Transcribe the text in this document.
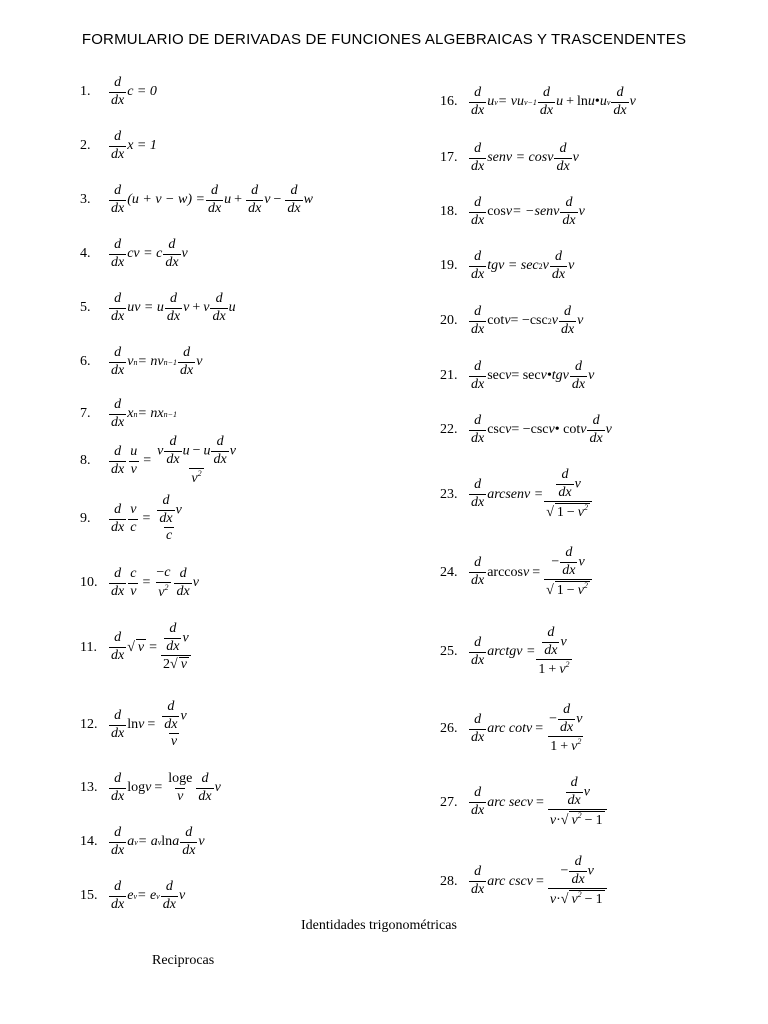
FORMULARIO DE DERIVADAS DE FUNCIONES ALGEBRAICAS Y TRASCENDENTES
1.
d
dx
c = 0
2.
d
dx
x = 1
3.
d
dx
$(u + v - w) = \frac{d}{dx}$ $u + \frac{d}{dx}$ $v - \frac{d}{dx}$ w
4.
d
dx
cv = c
d
dx
v
5.
d
dx
uv = u
d
dx
v + v
d
dx
u
6.
d
dx
v n = nv n−1
d
dx
v
7.
d
dx
x n = nx n−1
8.
d
dx $\frac{u}{v}$ =
v $\frac{d}{dx}$ u − u $\frac{d}{dx}$ v
$v^2$
9.
d
dx $\frac{v}{c} = \frac{d}{dx}$ v
c
10.
d
dx $\frac{c}{v} = \frac{-c}{v^2}$ d
dx
v
11.
d
dx
√ $v = \frac{d}{dx}$ v
2√ v
12.
d
dx
$\ln v = \frac{d}{dx}$ v
v
13.
d
dx
$\log v = \frac{\log e}{v}$ d
dx
v
14.
d
dx
a v = a v ln a
d
dx
v
15.
d
dx
e v = e v
d
dx
v
16.
d
dx
u v = vu v−1
d
dx
u + ln u • u v
d
dx
v
17.
d
dx
senv = cos v
d
dx
v
18.
d
dx
cos v = −senv
d
dx
v
19.
d
dx
tgv = sec 2 v
d
dx
v
20.
d
dx
cot v = −csc 2 v
d
dx
v
21.
d
dx
sec v = sec v •tgv
d
dx
v
22.
d
dx
csc v = −csc v • cot v
d
dx
v
23.
d
dx
arcsenv = $\frac{d}{dx}$ v
√ $1 - v^2$
24.
d
dx
arccos v =
− $\frac{d}{dx}$ v
√ $1 - v^2$
25.
d
dx
arctgv = $\frac{d}{dx}$ v
$1 + v^2$
26.
d
dx
arc cot v =
− $\frac{d}{dx}$ v
$1 + v^2$
27.
d
dx
arc $\sec v = \frac{d}{dx}$ v
v·√ $v^2 - 1$
28.
d
dx
arc csc v =
− $\frac{d}{dx}$ v
v·√ $v^2 - 1$
Identidades trigonométricas
Reciprocas
